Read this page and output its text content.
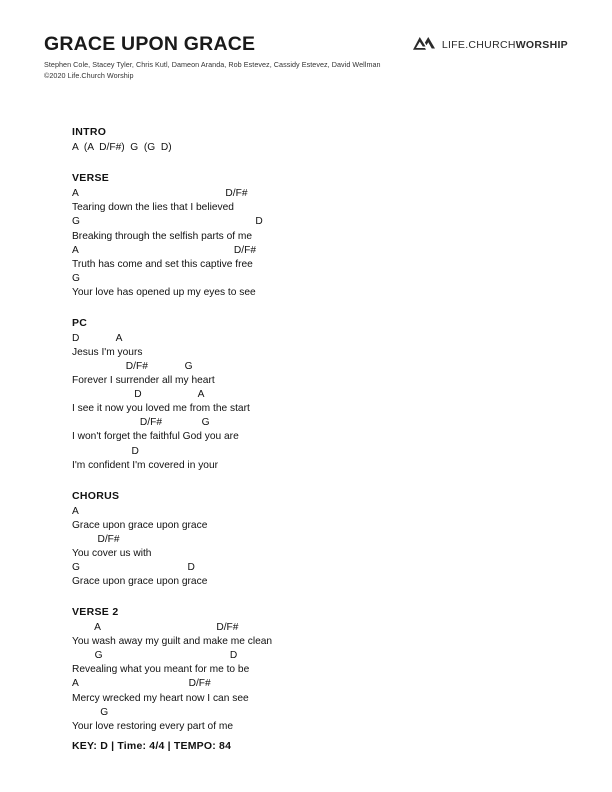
GRACE UPON GRACE

Stephen Cole, Stacey Tyler, Chris Kutl, Dameon Aranda, Rob Estevez, Cassidy Estevez, David Wellman

©2020 Life.Church Worship

LIFE.CHURCHWORSHIP
INTRO
A  (A  D/F#)  G  (G  D)
VERSE
A                                                    D/F#
Tearing down the lies that I believed
G                                                              D
Breaking through the selfish parts of me
A                                                       D/F#
Truth has come and set this captive free
G
Your love has opened up my eyes to see
PC
D             A
Jesus I'm yours
D/F#             G
Forever I surrender all my heart
D                    A
I see it now you loved me from the start
D/F#              G
I won't forget the faithful God you are
D
I'm confident I'm covered in your
CHORUS
A
Grace upon grace upon grace
D/F#
You cover us with
G                                      D
Grace upon grace upon grace
VERSE 2
A                                         D/F#
You wash away my guilt and make me clean
G                                             D
Revealing what you meant for me to be
A                                       D/F#
Mercy wrecked my heart now I can see
G
Your love restoring every part of me
KEY: D | Time: 4/4 | TEMPO: 84
